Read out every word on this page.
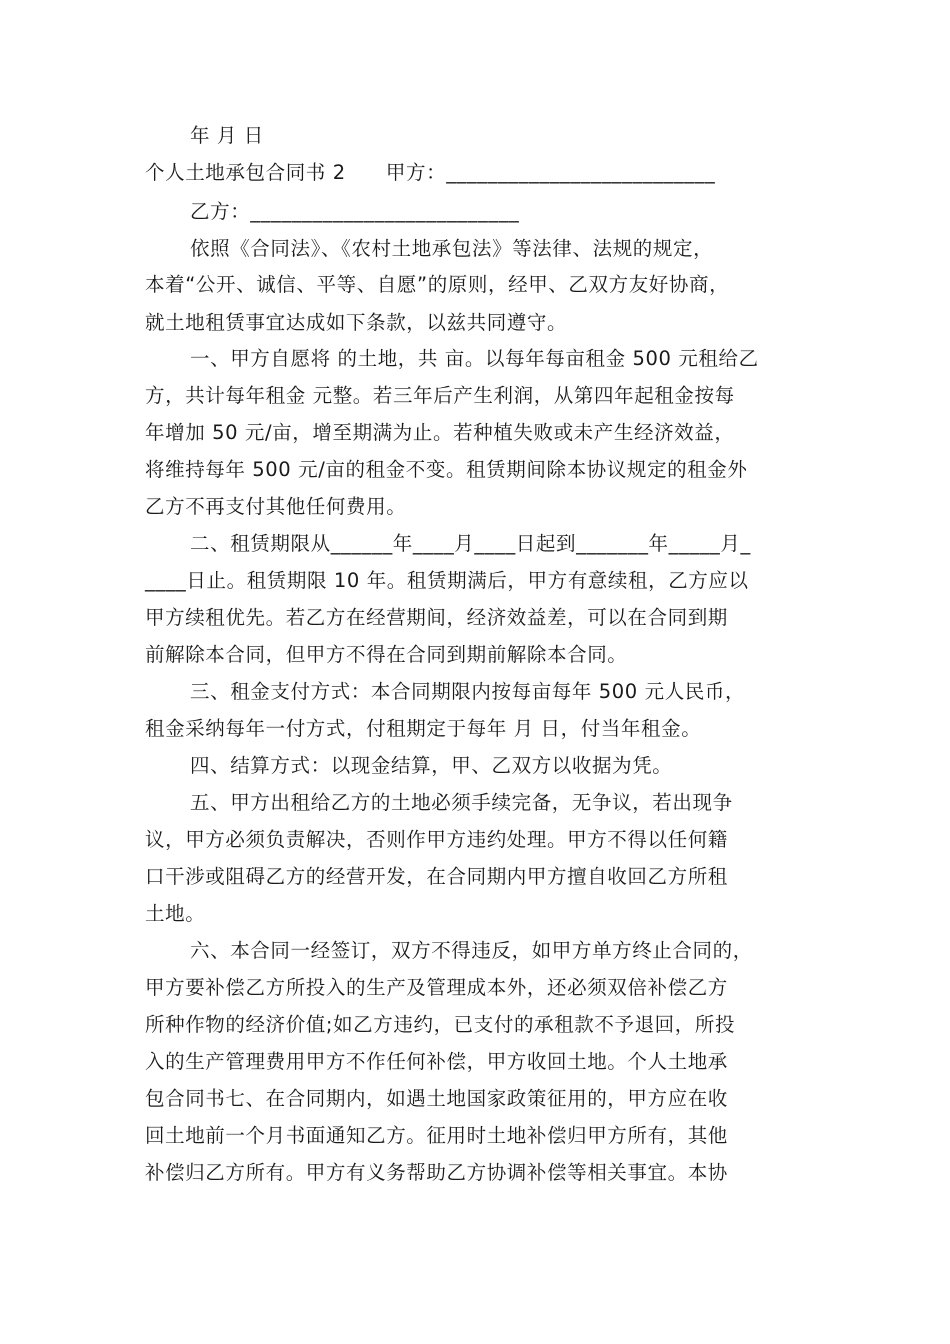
年 月 日
个人土地承包合同书 2　　甲方：__________________________
乙方：__________________________
依照《合同法》、《农村土地承包法》等法律、法规的规定，
本着“公开、诚信、平等、自愿”的原则，经甲、乙双方友好协商，
就土地租赁事宜达成如下条款，以兹共同遵守。
一、甲方自愿将 的土地，共 亩。以每年每亩租金 500 元租给乙
方，共计每年租金 元整。若三年后产生利润，从第四年起租金按每
年增加 50 元/亩，增至期满为止。若种植失败或未产生经济效益，
将维持每年 500 元/亩的租金不变。租赁期间除本协议规定的租金外
乙方不再支付其他任何费用。
二、租赁期限从______年____月____日起到_______年_____月_
____日止。租赁期限 10 年。租赁期满后，甲方有意续租，乙方应以
甲方续租优先。若乙方在经营期间，经济效益差，可以在合同到期
前解除本合同，但甲方不得在合同到期前解除本合同。
三、租金支付方式：本合同期限内按每亩每年 500 元人民币，
租金采纳每年一付方式，付租期定于每年 月 日，付当年租金。
四、结算方式：以现金结算，甲、乙双方以收据为凭。
五、甲方出租给乙方的土地必须手续完备，无争议，若出现争
议，甲方必须负责解决，否则作甲方违约处理。甲方不得以任何籍
口干涉或阻碍乙方的经营开发，在合同期内甲方擅自收回乙方所租
土地。
六、本合同一经签订，双方不得违反，如甲方单方终止合同的，
甲方要补偿乙方所投入的生产及管理成本外，还必须双倍补偿乙方
所种作物的经济价值;如乙方违约，已支付的承租款不予退回，所投
入的生产管理费用甲方不作任何补偿，甲方收回土地。个人土地承
包合同书七、在合同期内，如遇土地国家政策征用的，甲方应在收
回土地前一个月书面通知乙方。征用时土地补偿归甲方所有，其他
补偿归乙方所有。甲方有义务帮助乙方协调补偿等相关事宜。本协
